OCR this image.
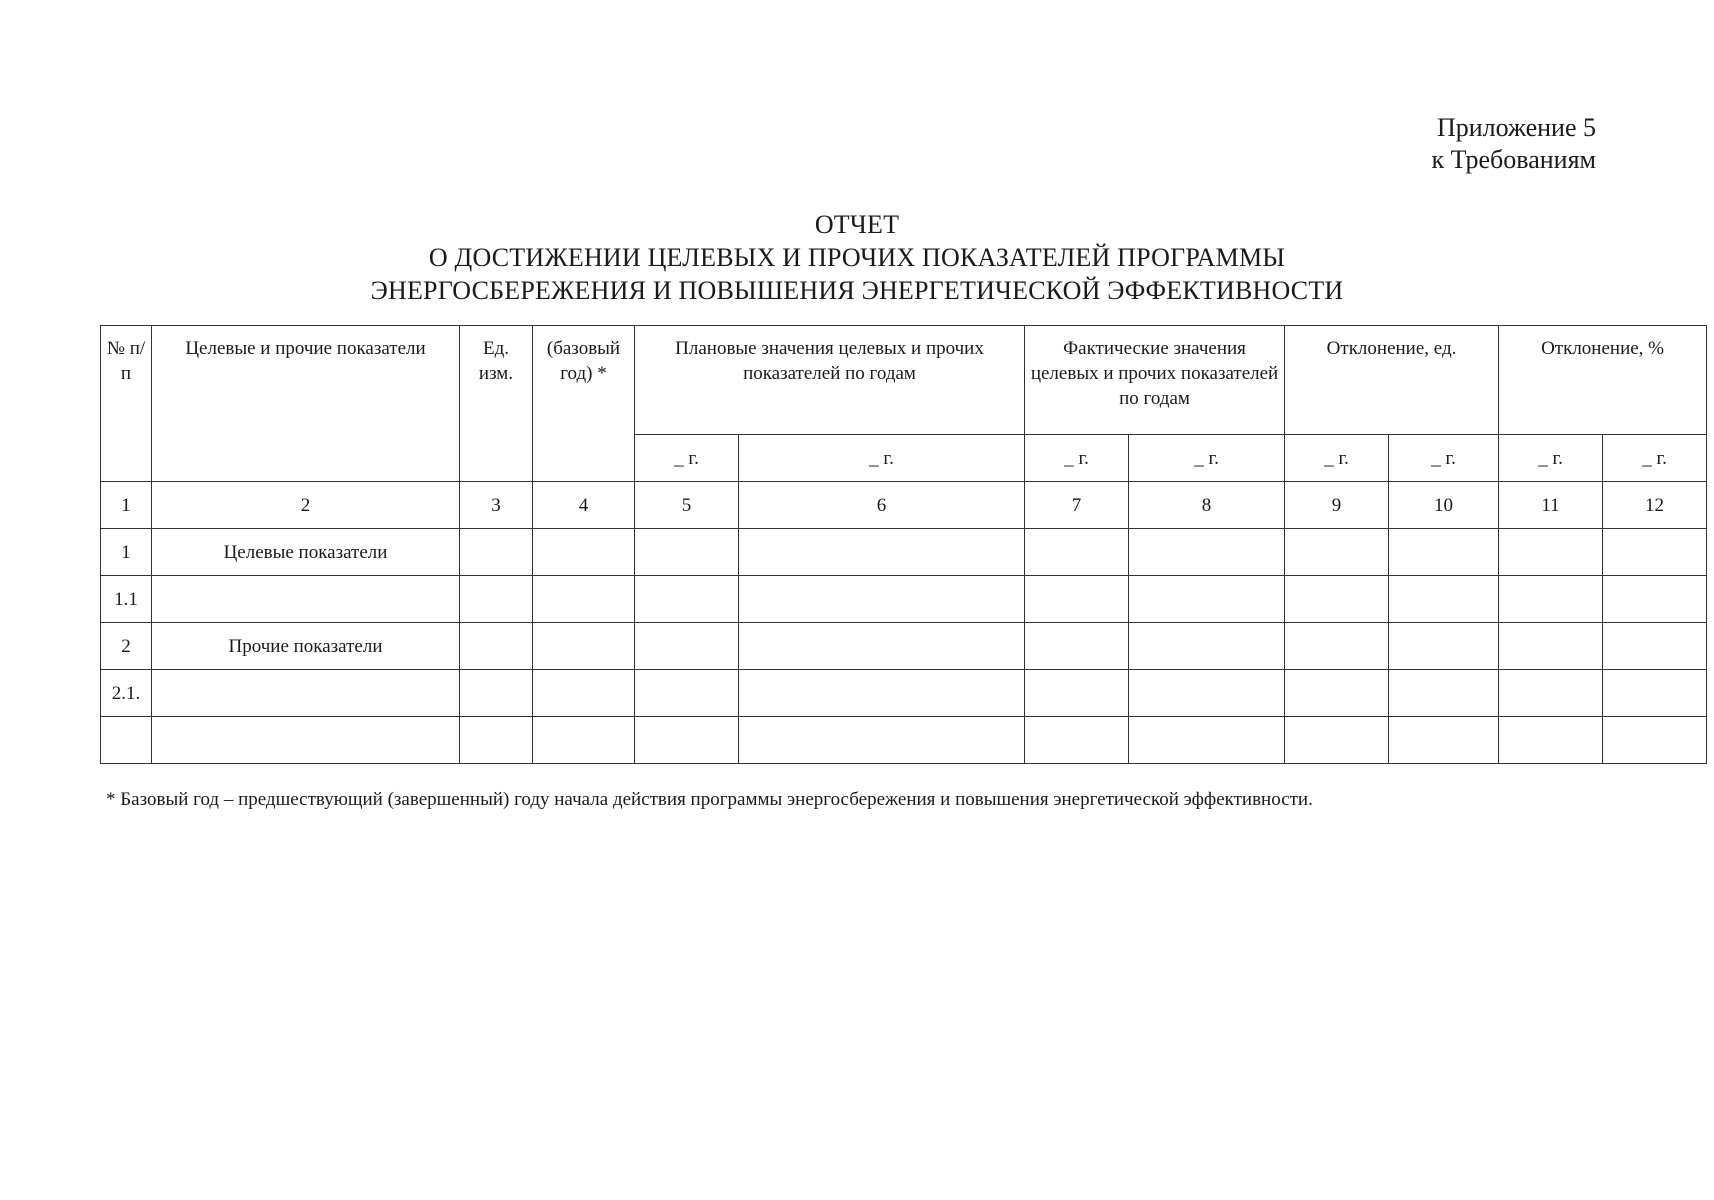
Приложение 5
к Требованиям
ОТЧЕТ
О ДОСТИЖЕНИИ ЦЕЛЕВЫХ И ПРОЧИХ ПОКАЗАТЕЛЕЙ ПРОГРАММЫ
ЭНЕРГОСБЕРЕЖЕНИЯ И ПОВЫШЕНИЯ ЭНЕРГЕТИЧЕСКОЙ ЭФФЕКТИВНОСТИ
№ п/п	Целевые и прочие показатели	Ед. изм.	(базовый год) *	Плановые значения целевых и прочих показателей по годам		Фактические значения целевых и прочих показателей по годам		Отклонение, ед.		Отклонение, %	
				_ г.	_ г.	_ г.	_ г.	_ г.	_ г.	_ г.	_ г.
1	2	3	4	5	6	7	8	9	10	11	12
1	Целевые показатели										
1.1											
2	Прочие показатели										
2.1.											

* Базовый год – предшествующий (завершенный) году начала действия программы энергосбережения и повышения энергетической эффективности.
